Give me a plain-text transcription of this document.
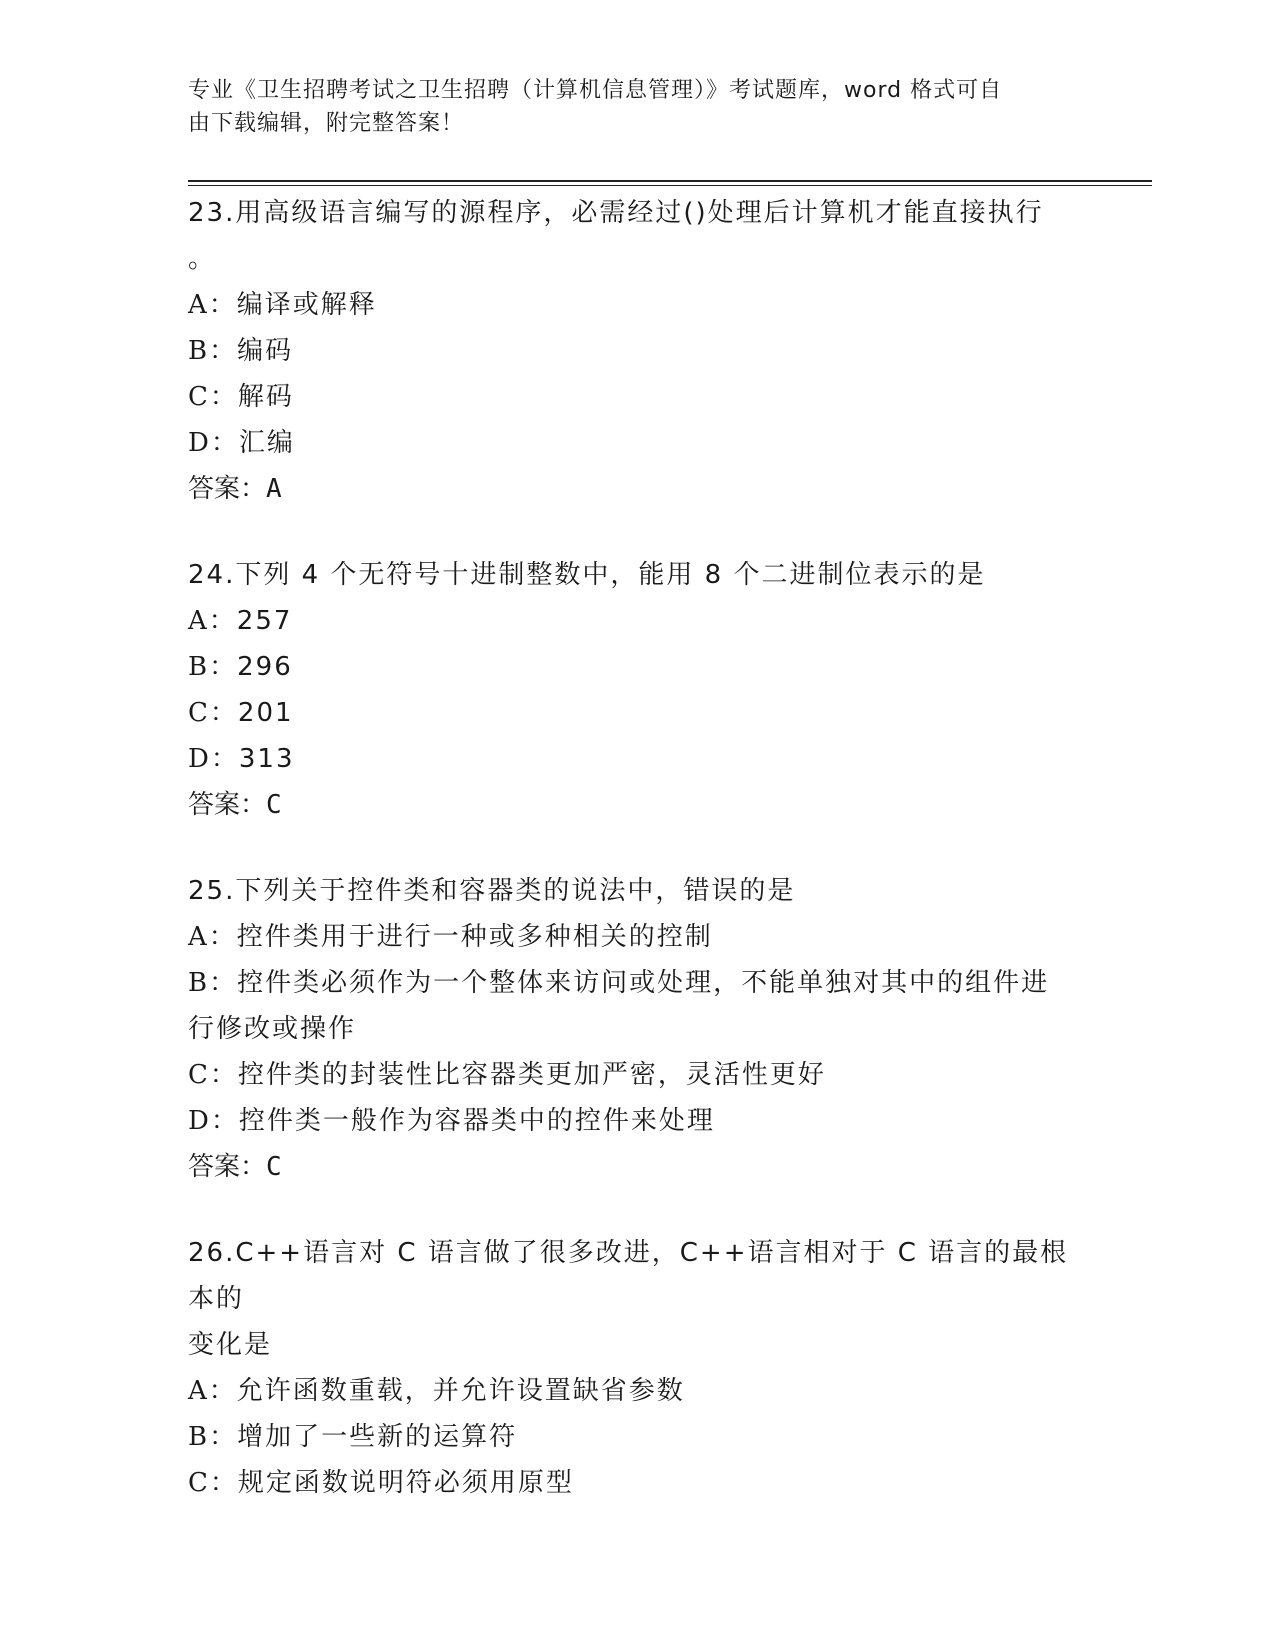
专业《卫生招聘考试之卫生招聘（计算机信息管理）》考试题库，word 格式可自
由下载编辑，附完整答案！
23.用高级语言编写的源程序，必需经过()处理后计算机才能直接执行
。
A：编译或解释
B：编码
C：解码
D：汇编
答案：A
24.下列 4 个无符号十进制整数中，能用 8 个二进制位表示的是
A：257
B：296
C：201
D：313
答案：C
25.下列关于控件类和容器类的说法中，错误的是
A：控件类用于进行一种或多种相关的控制
B：控件类必须作为一个整体来访问或处理，不能单独对其中的组件进
行修改或操作
C：控件类的封装性比容器类更加严密，灵活性更好
D：控件类一般作为容器类中的控件来处理
答案：C
26.C++语言对 C 语言做了很多改进，C++语言相对于 C 语言的最根本的
变化是
A：允许函数重载，并允许设置缺省参数
B：增加了一些新的运算符
C：规定函数说明符必须用原型
